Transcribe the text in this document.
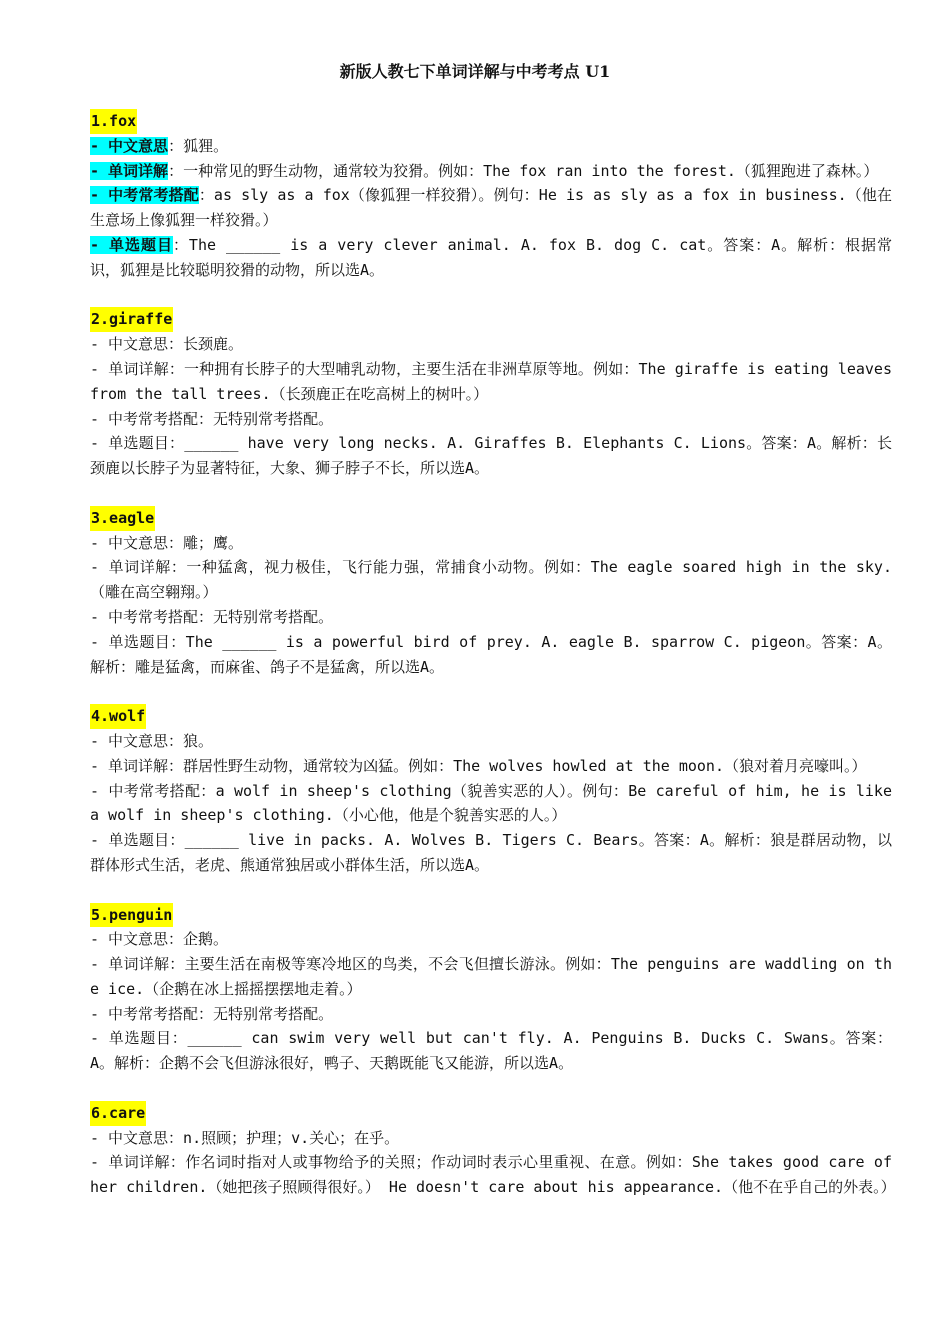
新版人教七下单词详解与中考考点 U1
1.fox

- 中文意思：狐狸。

- 单词详解：一种常见的野生动物，通常较为狡猾。例如：The fox ran into the forest.（狐狸跑进了森林。）

- 中考常考搭配：as sly as a fox（像狐狸一样狡猾）。例句：He is as sly as a fox in business.（他在生意场上像狐狸一样狡猾。）

- 单选题目：The ______ is a very clever animal. A. fox B. dog C. cat。答案：A。解析：根据常识，狐狸是比较聪明狡猾的动物，所以选A。

2.giraffe

- 中文意思：长颈鹿。

- 单词详解：一种拥有长脖子的大型哺乳动物，主要生活在非洲草原等地。例如：The giraffe is eating leaves from the tall trees.（长颈鹿正在吃高树上的树叶。）

- 中考常考搭配：无特别常考搭配。

- 单选题目：______ have very long necks. A. Giraffes B. Elephants C. Lions。答案：A。解析：长颈鹿以长脖子为显著特征，大象、狮子脖子不长，所以选A。

3.eagle

- 中文意思：雕；鹰。

- 单词详解：一种猛禽，视力极佳，飞行能力强，常捕食小动物。例如：The eagle soared high in the sky.（雕在高空翱翔。）

- 中考常考搭配：无特别常考搭配。

- 单选题目：The ______ is a powerful bird of prey. A. eagle B. sparrow C. pigeon。答案：A。解析：雕是猛禽，而麻雀、鸽子不是猛禽，所以选A。

4.wolf

- 中文意思：狼。

- 单词详解：群居性野生动物，通常较为凶猛。例如：The wolves howled at the moon.（狼对着月亮嚎叫。）

- 中考常考搭配：a wolf in sheep's clothing（貌善实恶的人）。例句：Be careful of him, he is like a wolf in sheep's clothing.（小心他，他是个貌善实恶的人。）

- 单选题目：______ live in packs. A. Wolves B. Tigers C. Bears。答案：A。解析：狼是群居动物，以群体形式生活，老虎、熊通常独居或小群体生活，所以选A。

5.penguin

- 中文意思：企鹅。

- 单词详解：主要生活在南极等寒冷地区的鸟类，不会飞但擅长游泳。例如：The penguins are waddling on the ice.（企鹅在冰上摇摇摆摆地走着。）

- 中考常考搭配：无特别常考搭配。

- 单选题目：______ can swim very well but can't fly. A. Penguins B. Ducks C. Swans。答案：A。解析：企鹅不会飞但游泳很好，鸭子、天鹅既能飞又能游，所以选A。

6.care

- 中文意思：n.照顾；护理；v.关心；在乎。

- 单词详解：作名词时指对人或事物给予的关照；作动词时表示心里重视、在意。例如：She takes good care of her children.（她把孩子照顾得很好。） He doesn't care about his appearance.（他不在乎自己的外表。）
